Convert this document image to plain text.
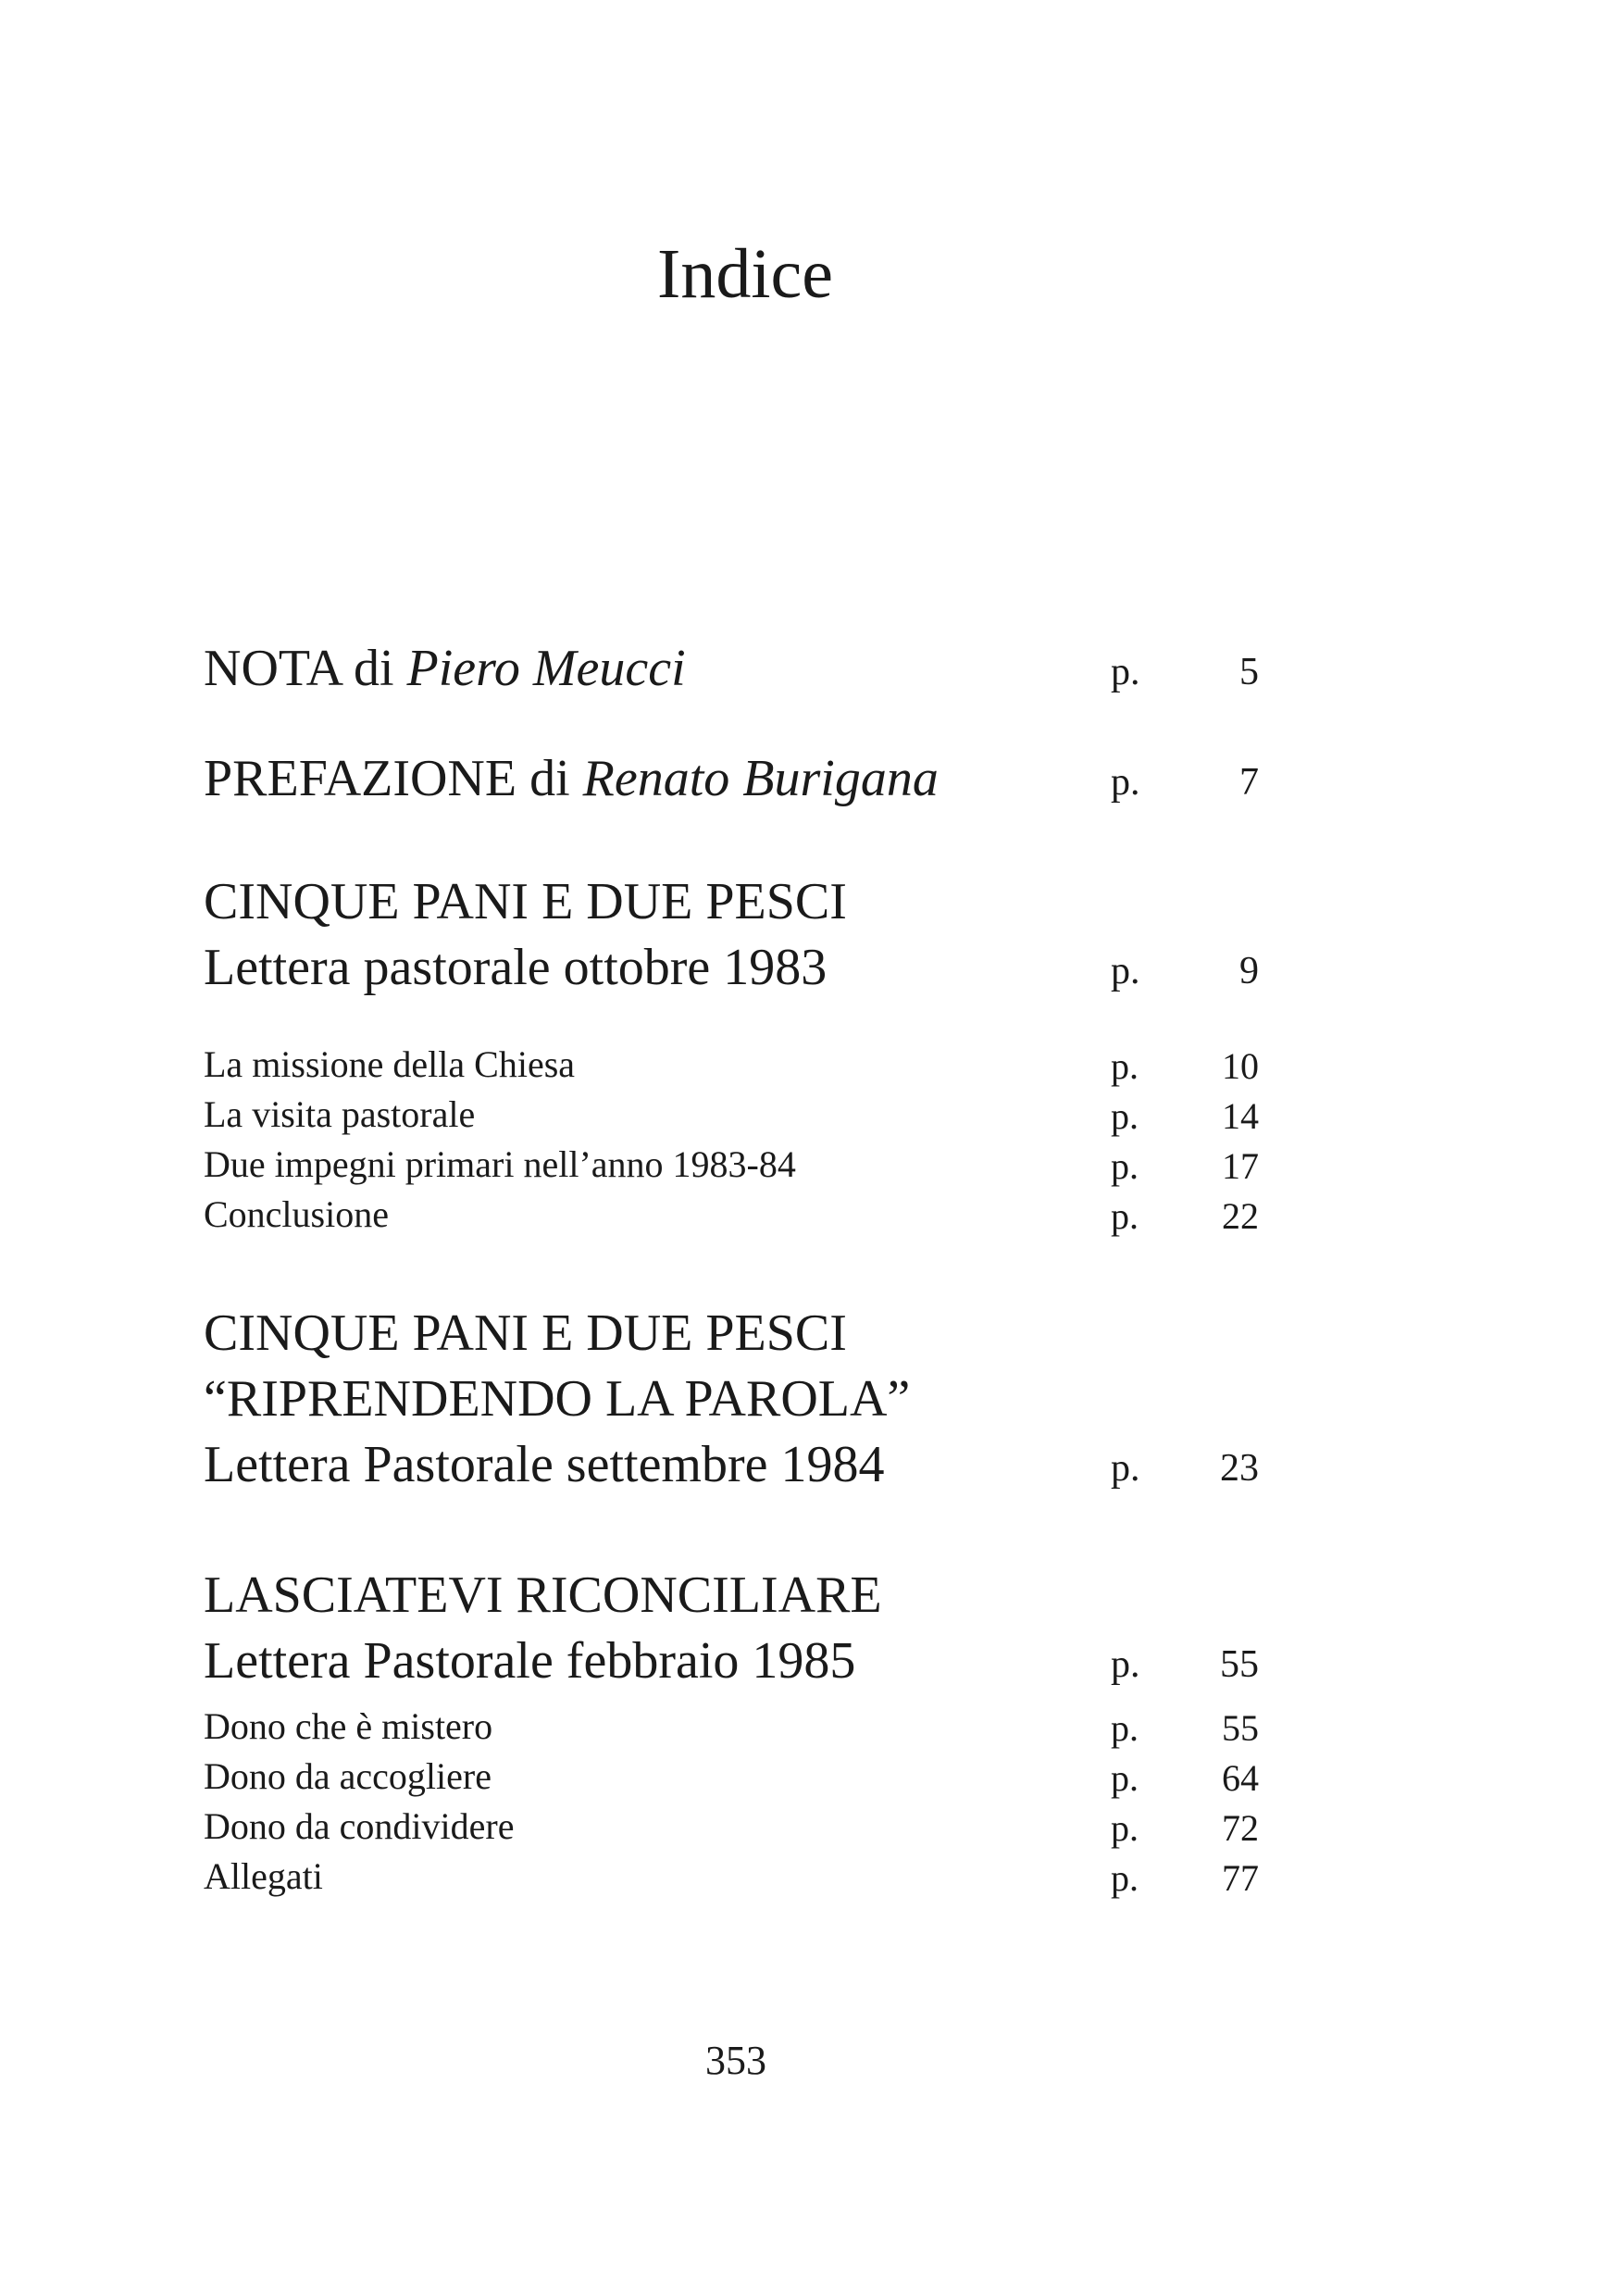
Indice
NOTA di Piero Meucci	p.	5
PREFAZIONE di Renato Burigana	p.	7
CINQUE PANI E DUE PESCI
Lettera pastorale ottobre 1983	p.	9
La missione della Chiesa	p. 10
La visita pastorale	p. 14
Due impegni primari nell’anno 1983-84	p. 17
Conclusione	p. 22
CINQUE PANI E DUE PESCI
“RIPRENDENDO LA PAROLA”
Lettera Pastorale settembre 1984	p. 23
LASCIATEVI RICONCILIARE
Lettera Pastorale febbraio 1985	p. 55
Dono che è mistero	p. 55
Dono da accogliere	p. 64
Dono da condividere	p. 72
Allegati	p. 77
353
